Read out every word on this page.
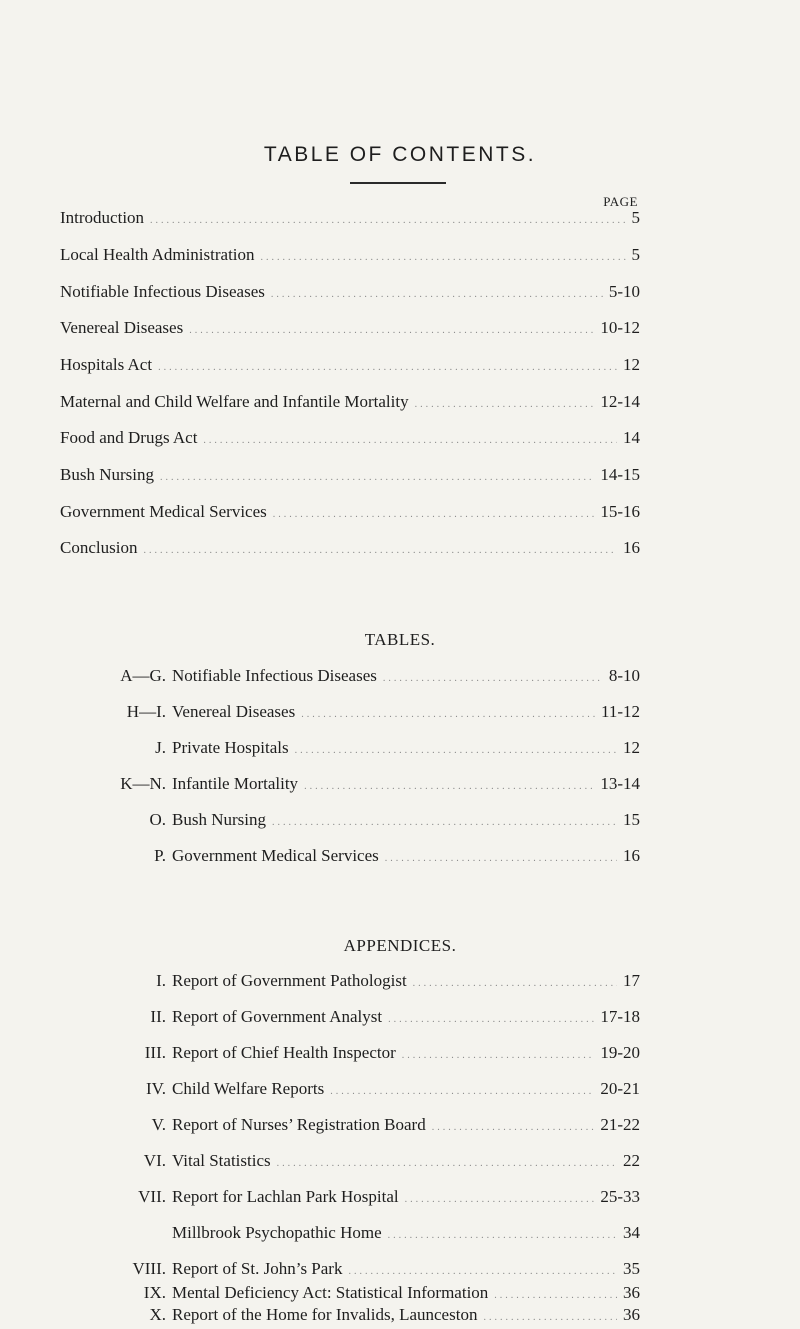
TABLE OF CONTENTS.
PAGE
Introduction .....	5
Local Health Administration .....	5
Notifiable Infectious Diseases .....	5-10
Venereal Diseases .....	10-12
Hospitals Act .....	12
Maternal and Child Welfare and Infantile Mortality .....	12-14
Food and Drugs Act .....	14
Bush Nursing .....	14-15
Government Medical Services .....	15-16
Conclusion .....	16
TABLES.
A—G. Notifiable Infectious Diseases .....	8-10
H—I. Venereal Diseases .....	11-12
J. Private Hospitals .....	12
K—N. Infantile Mortality .....	13-14
O. Bush Nursing .....	15
P. Government Medical Services .....	16
APPENDICES.
I. Report of Government Pathologist .....	17
II. Report of Government Analyst .....	17-18
III. Report of Chief Health Inspector .....	19-20
IV. Child Welfare Reports .....	20-21
V. Report of Nurses’ Registration Board .....	21-22
VI. Vital Statistics .....	22
VII. Report for Lachlan Park Hospital .....	25-33
Millbrook Psychopathic Home .....	34
VIII. Report of St. John’s Park .....	35
IX. Mental Deficiency Act: Statistical Information .....	36
X. Report of the Home for Invalids, Launceston .....	36
